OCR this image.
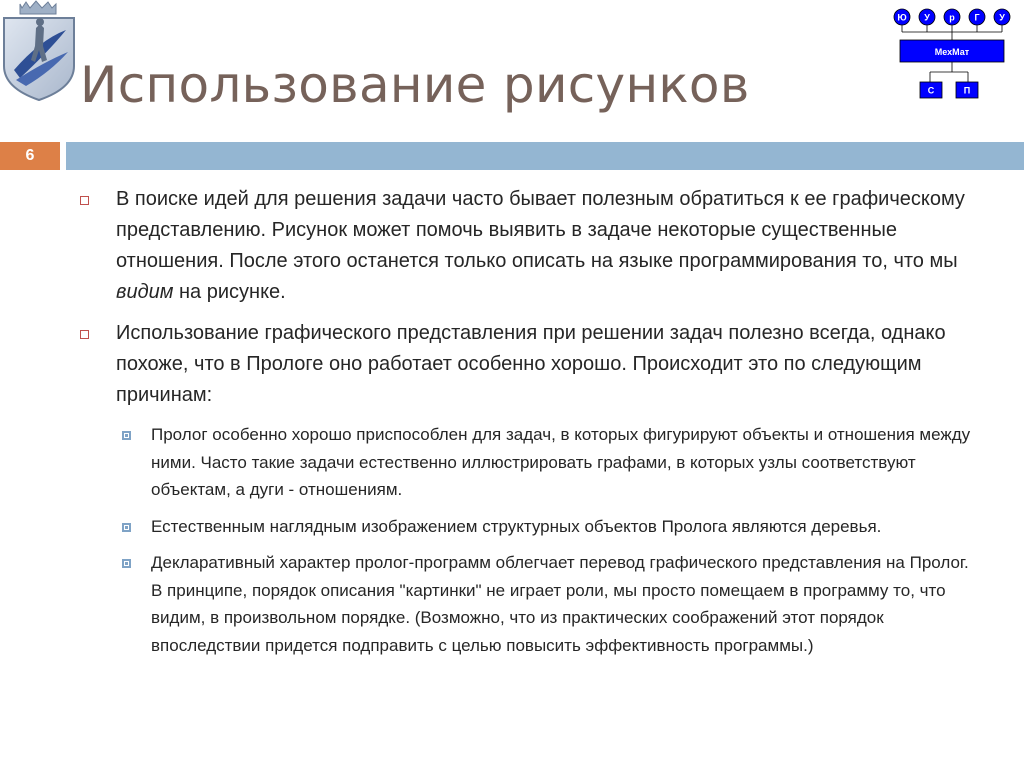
Использование рисунков
Ю У р Г У
МехМат
С	П
6
В поиске идей для решения задачи часто бывает полезным обратиться к ее графическому представлению. Рисунок может помочь выявить в задаче некоторые существенные отношения. После этого останется только описать на языке программирования то, что мы видим на рисунке.
Использование графического представления при решении задач полезно всегда, однако похоже, что в Прологе оно работает особенно хорошо. Происходит это по следующим причинам:
Пролог особенно хорошо приспособлен для задач, в которых фигурируют объекты и отношения между ними. Часто такие задачи естественно иллюстрировать графами, в которых узлы соответствуют объектам, а дуги - отношениям.
Естественным наглядным изображением структурных объектов Пролога являются деревья.
Декларативный характер пролог-программ облегчает перевод графического представления на Пролог. В принципе, порядок описания "картинки" не играет роли, мы просто помещаем в программу то, что видим, в произвольном порядке. (Возможно, что из практических соображений этот порядок впоследствии придется подправить с целью повысить эффективность программы.)
